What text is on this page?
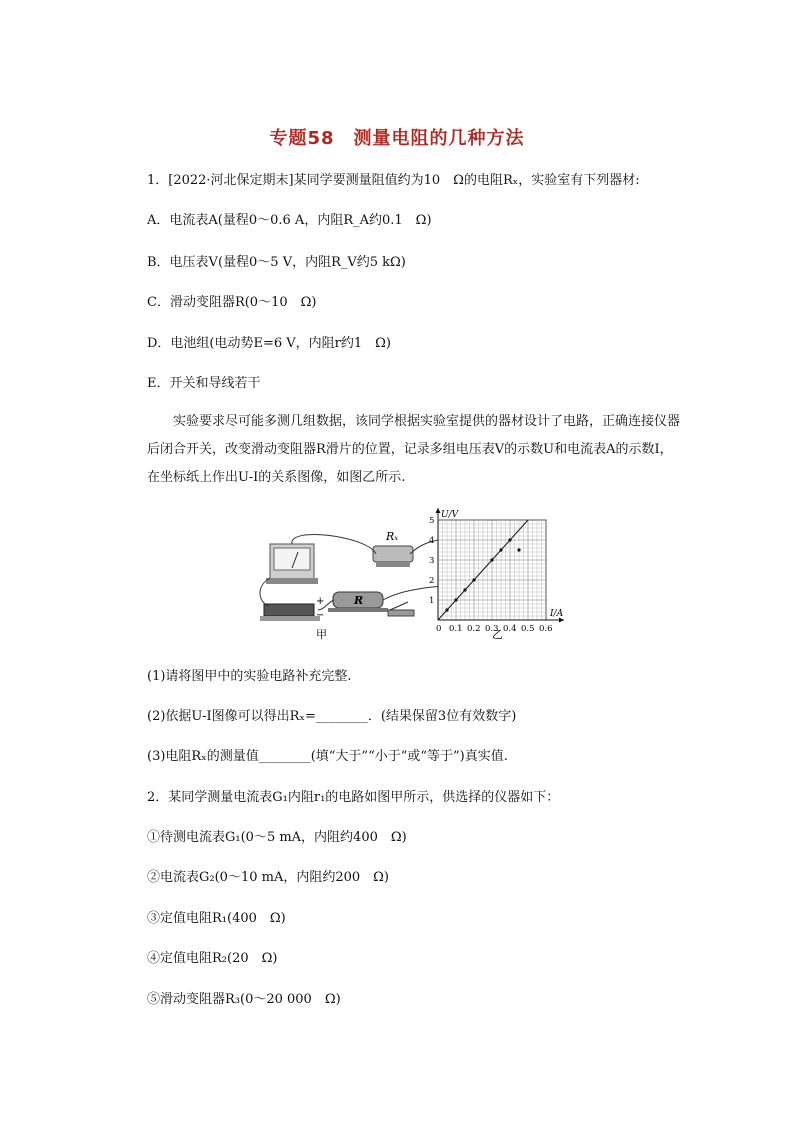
专题58　测量电阻的几种方法
1．[2022·河北保定期末]某同学要测量阻值约为10　Ω的电阻Rₓ，实验室有下列器材:
A．电流表A(量程0～0.6 A，内阻R_A约0.1　Ω)
B．电压表V(量程0～5 V，内阻R_V约5 kΩ)
C．滑动变阻器R(0～10　Ω)
D．电池组(电动势E=6 V，内阻r约1　Ω)
E．开关和导线若干
实验要求尽可能多测几组数据，该同学根据实验室提供的器材设计了电路，正确连接仪器后闭合开关，改变滑动变阻器R滑片的位置，记录多组电压表V的示数U和电流表A的示数I，在坐标纸上作出U-I的关系图像，如图乙所示.
Rₓ
+
−
R
甲	0 0.1 0.2 0.3 0.4 0.5 0.6
1
2
3
4
5
U/V
I/A
乙
(1)请将图甲中的实验电路补充完整.
(2)依据U-I图像可以得出Rₓ=________．(结果保留3位有效数字)
(3)电阻Rₓ的测量值________(填“大于”“小于”或“等于”)真实值.
2．某同学测量电流表G₁内阻r₁的电路如图甲所示，供选择的仪器如下：
①待测电流表G₁(0～5 mA，内阻约400　Ω)
②电流表G₂(0～10 mA，内阻约200　Ω)
③定值电阻R₁(400　Ω)
④定值电阻R₂(20　Ω)
⑤滑动变阻器R₃(0～20 000　Ω)
